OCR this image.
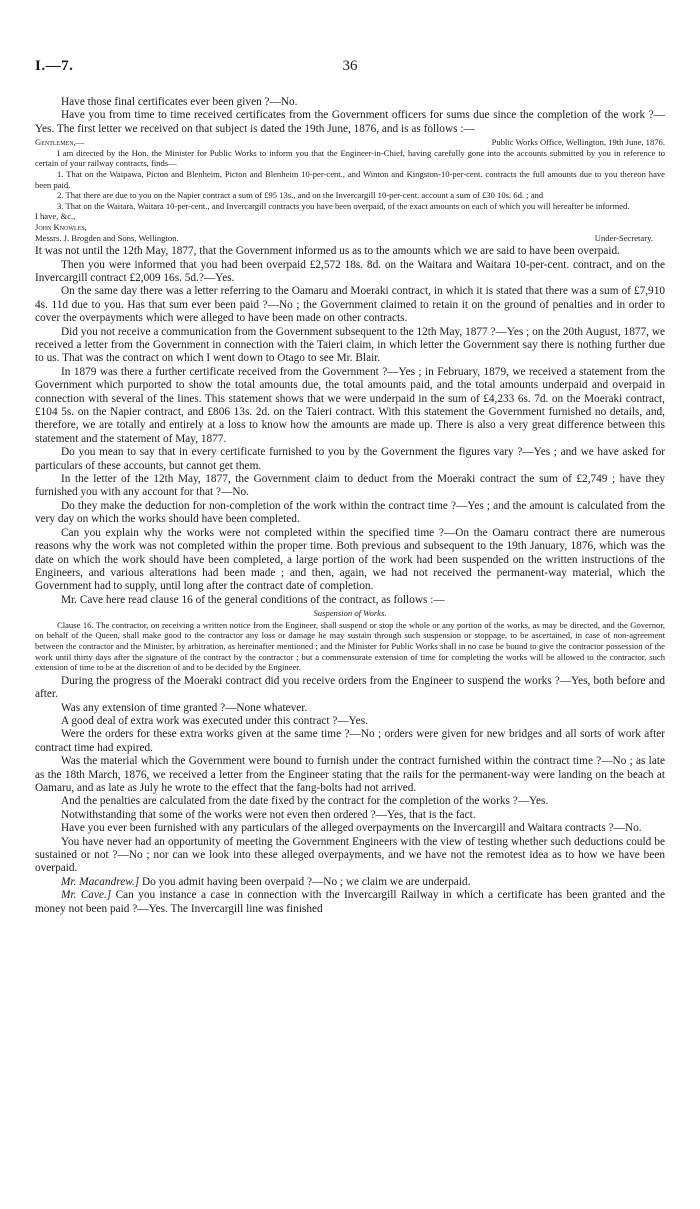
I.—7.	36

Have those final certificates ever been given ?—No.

Have you from time to time received certificates from the Government officers for sums due since the completion of the work ?—Yes. The first letter we received on that subject is dated the 19th June, 1876, and is as follows :—

Gentlemen,—	Public Works Office, Wellington, 19th June, 1876.

I am directed by the Hon. the Minister for Public Works to inform you that the Engineer-in-Chief, having carefully gone into the accounts submitted by you in reference to certain of your railway contracts, finds—

1. That on the Waipawa, Picton and Blenheim, Picton and Blenheim 10-per-cent., and Winton and Kingston-10-per-cent. contracts the full amounts due to you thereon have been paid.

2. That there are due to you on the Napier contract a sum of £95 13s., and on the Invercargill 10-per-cent. account a sum of £30 10s. 6d. ; and

3. That on the Waitara, Waitara 10-per-cent., and Invercargill contracts you have been overpaid, of the exact amounts on each of which you will hereafter be informed.

I have, &c.,

John Knowles,

Messrs. J. Brogden and Sons, Wellington.	Under-Secretary.

It was not until the 12th May, 1877, that the Government informed us as to the amounts which we are said to have been overpaid.

Then you were informed that you had been overpaid £2,572 18s. 8d. on the Waitara and Waitara 10-per-cent. contract, and on the Invercargill contract £2,009 16s. 5d.?—Yes.

On the same day there was a letter referring to the Oamaru and Moeraki contract, in which it is stated that there was a sum of £7,910 4s. 11d due to you. Has that sum ever been paid ?—No ; the Government claimed to retain it on the ground of penalties and in order to cover the overpayments which were alleged to have been made on other contracts.

Did you not receive a communication from the Government subsequent to the 12th May, 1877 ?—Yes ; on the 20th August, 1877, we received a letter from the Government in connection with the Taieri claim, in which letter the Government say there is nothing further due to us. That was the contract on which I went down to Otago to see Mr. Blair.

In 1879 was there a further certificate received from the Government ?—Yes ; in February, 1879, we received a statement from the Government which purported to show the total amounts due, the total amounts paid, and the total amounts underpaid and overpaid in connection with several of the lines. This statement shows that we were underpaid in the sum of £4,233 6s. 7d. on the Moeraki contract, £104 5s. on the Napier contract, and £806 13s. 2d. on the Taieri contract. With this statement the Government furnished no details, and, therefore, we are totally and entirely at a loss to know how the amounts are made up. There is also a very great difference between this statement and the statement of May, 1877.

Do you mean to say that in every certificate furnished to you by the Government the figures vary ?—Yes ; and we have asked for particulars of these accounts, but cannot get them.

In the letter of the 12th May, 1877, the Government claim to deduct from the Moeraki contract the sum of £2,749 ; have they furnished you with any account for that ?—No.

Do they make the deduction for non-completion of the work within the contract time ?—Yes ; and the amount is calculated from the very day on which the works should have been completed.

Can you explain why the works were not completed within the specified time ?—On the Oamaru contract there are numerous reasons why the work was not completed within the proper time. Both previous and subsequent to the 19th January, 1876, which was the date on which the work should have been completed, a large portion of the work had been suspended on the written instructions of the Engineers, and various alterations had been made ; and then, again, we had not received the permanent-way material, which the Government had to supply, until long after the contract date of completion.

Mr. Cave here read clause 16 of the general conditions of the contract, as follows :—

Suspension of Works.

Clause 16. The contractor, on receiving a written notice from the Engineer, shall suspend or stop the whole or any portion of the works, as may be directed, and the Governor, on behalf of the Queen, shall make good to the contractor any loss or damage he may sustain through such suspension or stoppage, to be ascertained, in case of non-agreement between the contractor and the Minister, by arbitration, as hereinafter mentioned ; and the Minister for Public Works shall in no case be bound to give the contractor possession of the work until thirty days after the signature of the contract by the contractor ; but a commensurate extension of time for completing the works will be allowed to the contractor, such extension of time to be at the discretion of and to be decided by the Engineer.

During the progress of the Moeraki contract did you receive orders from the Engineer to suspend the works ?—Yes, both before and after.

Was any extension of time granted ?—None whatever.

A good deal of extra work was executed under this contract ?—Yes.

Were the orders for these extra works given at the same time ?—No ; orders were given for new bridges and all sorts of work after contract time had expired.

Was the material which the Government were bound to furnish under the contract furnished within the contract time ?—No ; as late as the 18th March, 1876, we received a letter from the Engineer stating that the rails for the permanent-way were landing on the beach at Oamaru, and as late as July he wrote to the effect that the fang-bolts had not arrived.

And the penalties are calculated from the date fixed by the contract for the completion of the works ?—Yes.

Notwithstanding that some of the works were not even then ordered ?—Yes, that is the fact.

Have you ever been furnished with any particulars of the alleged overpayments on the Invercargill and Waitara contracts ?—No.

You have never had an opportunity of meeting the Government Engineers with the view of testing whether such deductions could be sustained or not ?—No ; nor can we look into these alleged overpayments, and we have not the remotest idea as to how we have been overpaid.

Mr. Macandrew.] Do you admit having been overpaid ?—No ; we claim we are underpaid.

Mr. Cave.] Can you instance a case in connection with the Invercargill Railway in which a certificate has been granted and the money not been paid ?—Yes. The Invercargill line was finished
